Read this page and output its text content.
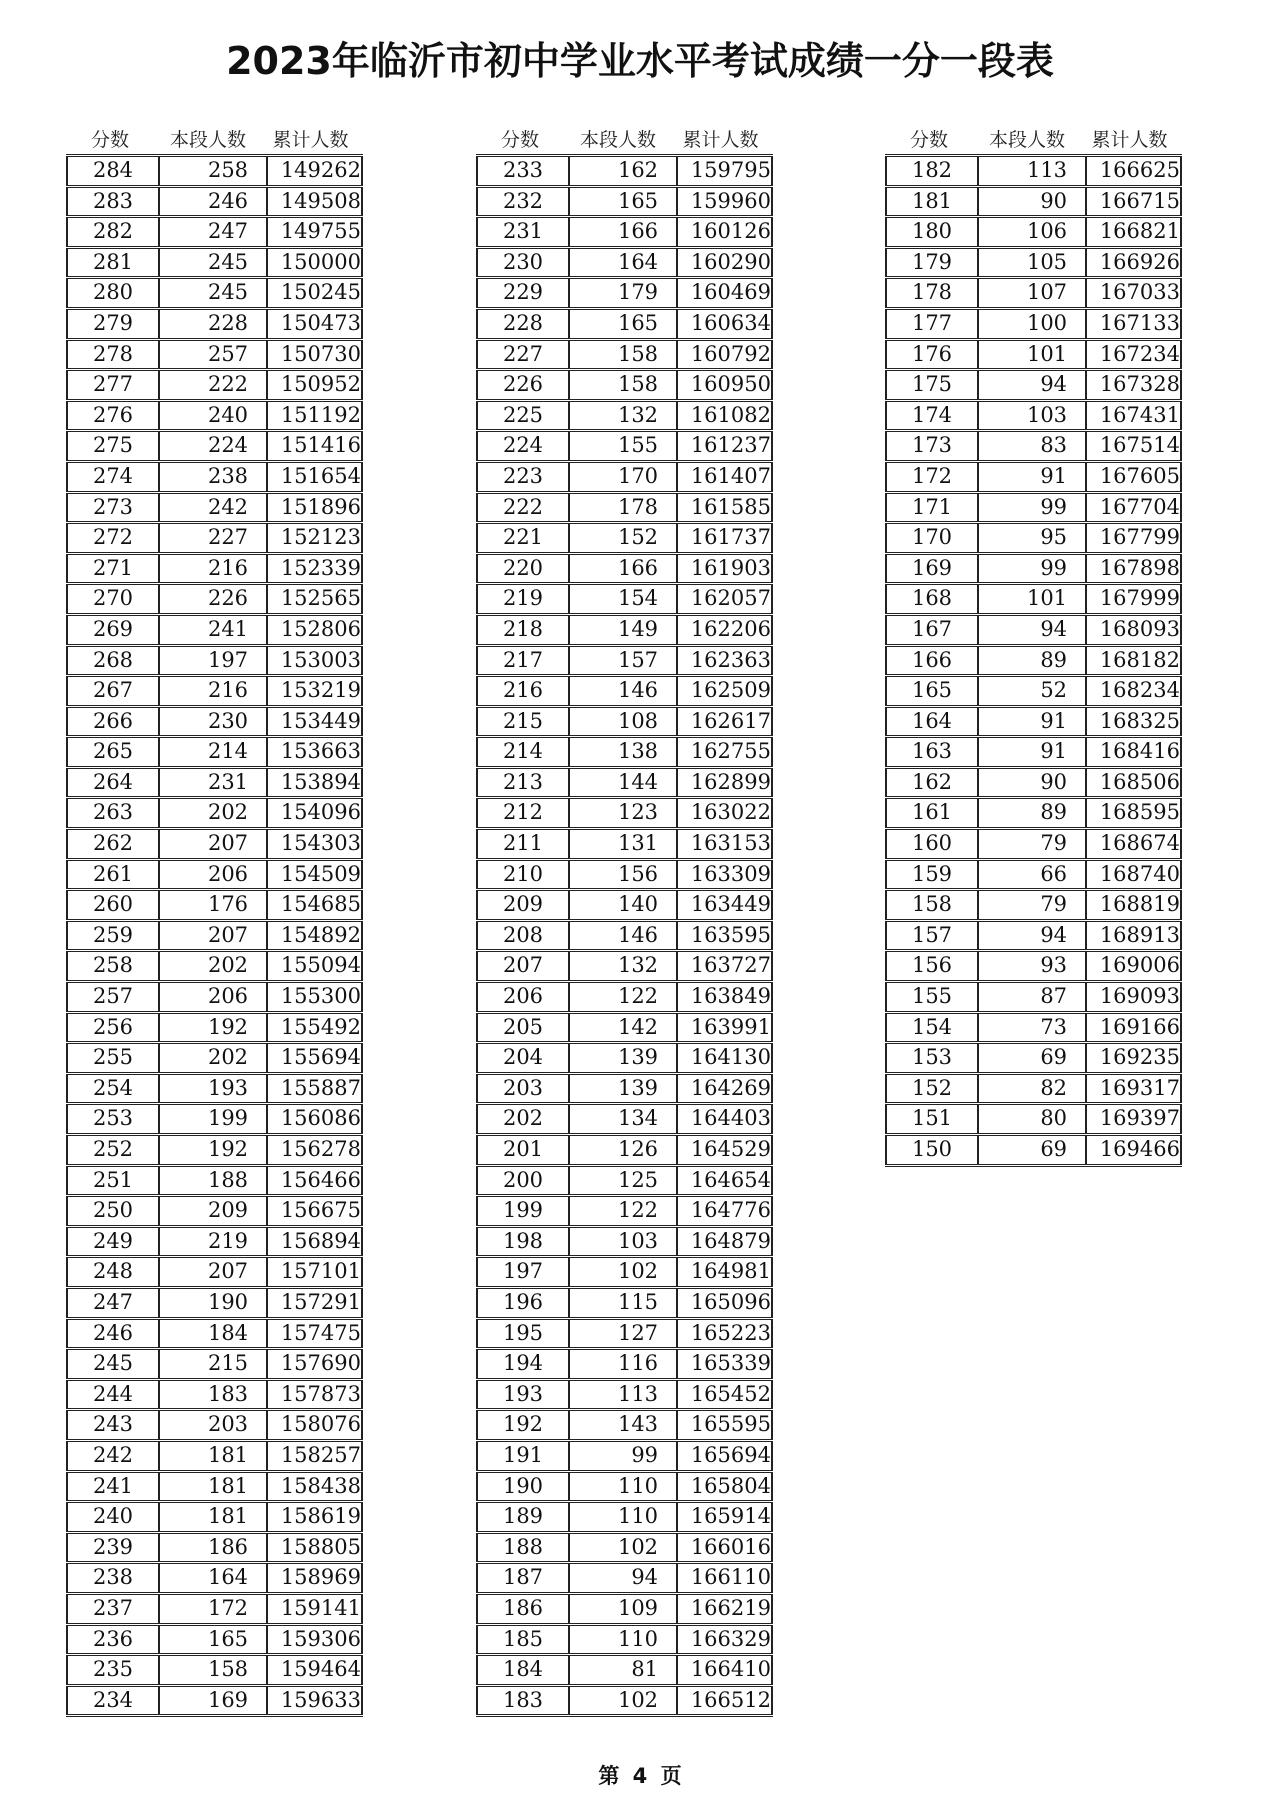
2023年临沂市初中学业水平考试成绩一分一段表
分数	本段人数	累计人数
284	258	149262
283	246	149508
282	247	149755
281	245	150000
280	245	150245
279	228	150473
278	257	150730
277	222	150952
276	240	151192
275	224	151416
274	238	151654
273	242	151896
272	227	152123
271	216	152339
270	226	152565
269	241	152806
268	197	153003
267	216	153219
266	230	153449
265	214	153663
264	231	153894
263	202	154096
262	207	154303
261	206	154509
260	176	154685
259	207	154892
258	202	155094
257	206	155300
256	192	155492
255	202	155694
254	193	155887
253	199	156086
252	192	156278
251	188	156466
250	209	156675
249	219	156894
248	207	157101
247	190	157291
246	184	157475
245	215	157690
244	183	157873
243	203	158076
242	181	158257
241	181	158438
240	181	158619
239	186	158805
238	164	158969
237	172	159141
236	165	159306
235	158	159464
234	169	159633
分数	本段人数	累计人数
233	162	159795
232	165	159960
231	166	160126
230	164	160290
229	179	160469
228	165	160634
227	158	160792
226	158	160950
225	132	161082
224	155	161237
223	170	161407
222	178	161585
221	152	161737
220	166	161903
219	154	162057
218	149	162206
217	157	162363
216	146	162509
215	108	162617
214	138	162755
213	144	162899
212	123	163022
211	131	163153
210	156	163309
209	140	163449
208	146	163595
207	132	163727
206	122	163849
205	142	163991
204	139	164130
203	139	164269
202	134	164403
201	126	164529
200	125	164654
199	122	164776
198	103	164879
197	102	164981
196	115	165096
195	127	165223
194	116	165339
193	113	165452
192	143	165595
191	99	165694
190	110	165804
189	110	165914
188	102	166016
187	94	166110
186	109	166219
185	110	166329
184	81	166410
183	102	166512
分数	本段人数	累计人数
182	113	166625
181	90	166715
180	106	166821
179	105	166926
178	107	167033
177	100	167133
176	101	167234
175	94	167328
174	103	167431
173	83	167514
172	91	167605
171	99	167704
170	95	167799
169	99	167898
168	101	167999
167	94	168093
166	89	168182
165	52	168234
164	91	168325
163	91	168416
162	90	168506
161	89	168595
160	79	168674
159	66	168740
158	79	168819
157	94	168913
156	93	169006
155	87	169093
154	73	169166
153	69	169235
152	82	169317
151	80	169397
150	69	169466
第 4 页
